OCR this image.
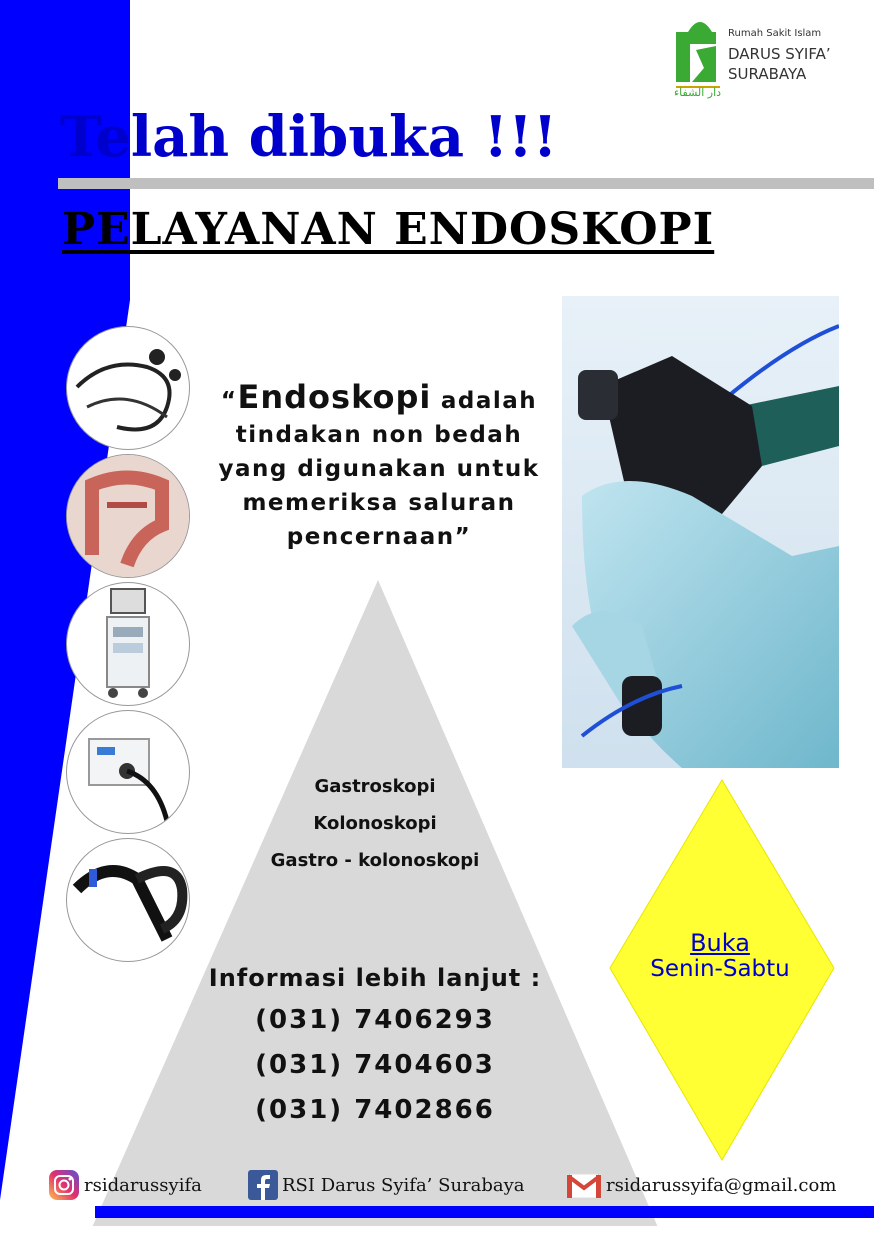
دار الشفاء
Rumah Sakit Islam
DARUS SYIFA’
SURABAYA
Telah dibuka !!!
PELAYANAN ENDOSKOPI
“Endoskopi adalah
tindakan non bedah
yang digunakan untuk
memeriksa saluran
pencernaan”
Gastroskopi
Kolonoskopi
Gastro - kolonoskopi
Informasi lebih lanjut :
(031) 7406293
(031) 7404603
(031) 7402866
Buka
Senin-Sabtu
rsidarussyifa	RSI Darus Syifa’ Surabaya	rsidarussyifa@gmail.com
